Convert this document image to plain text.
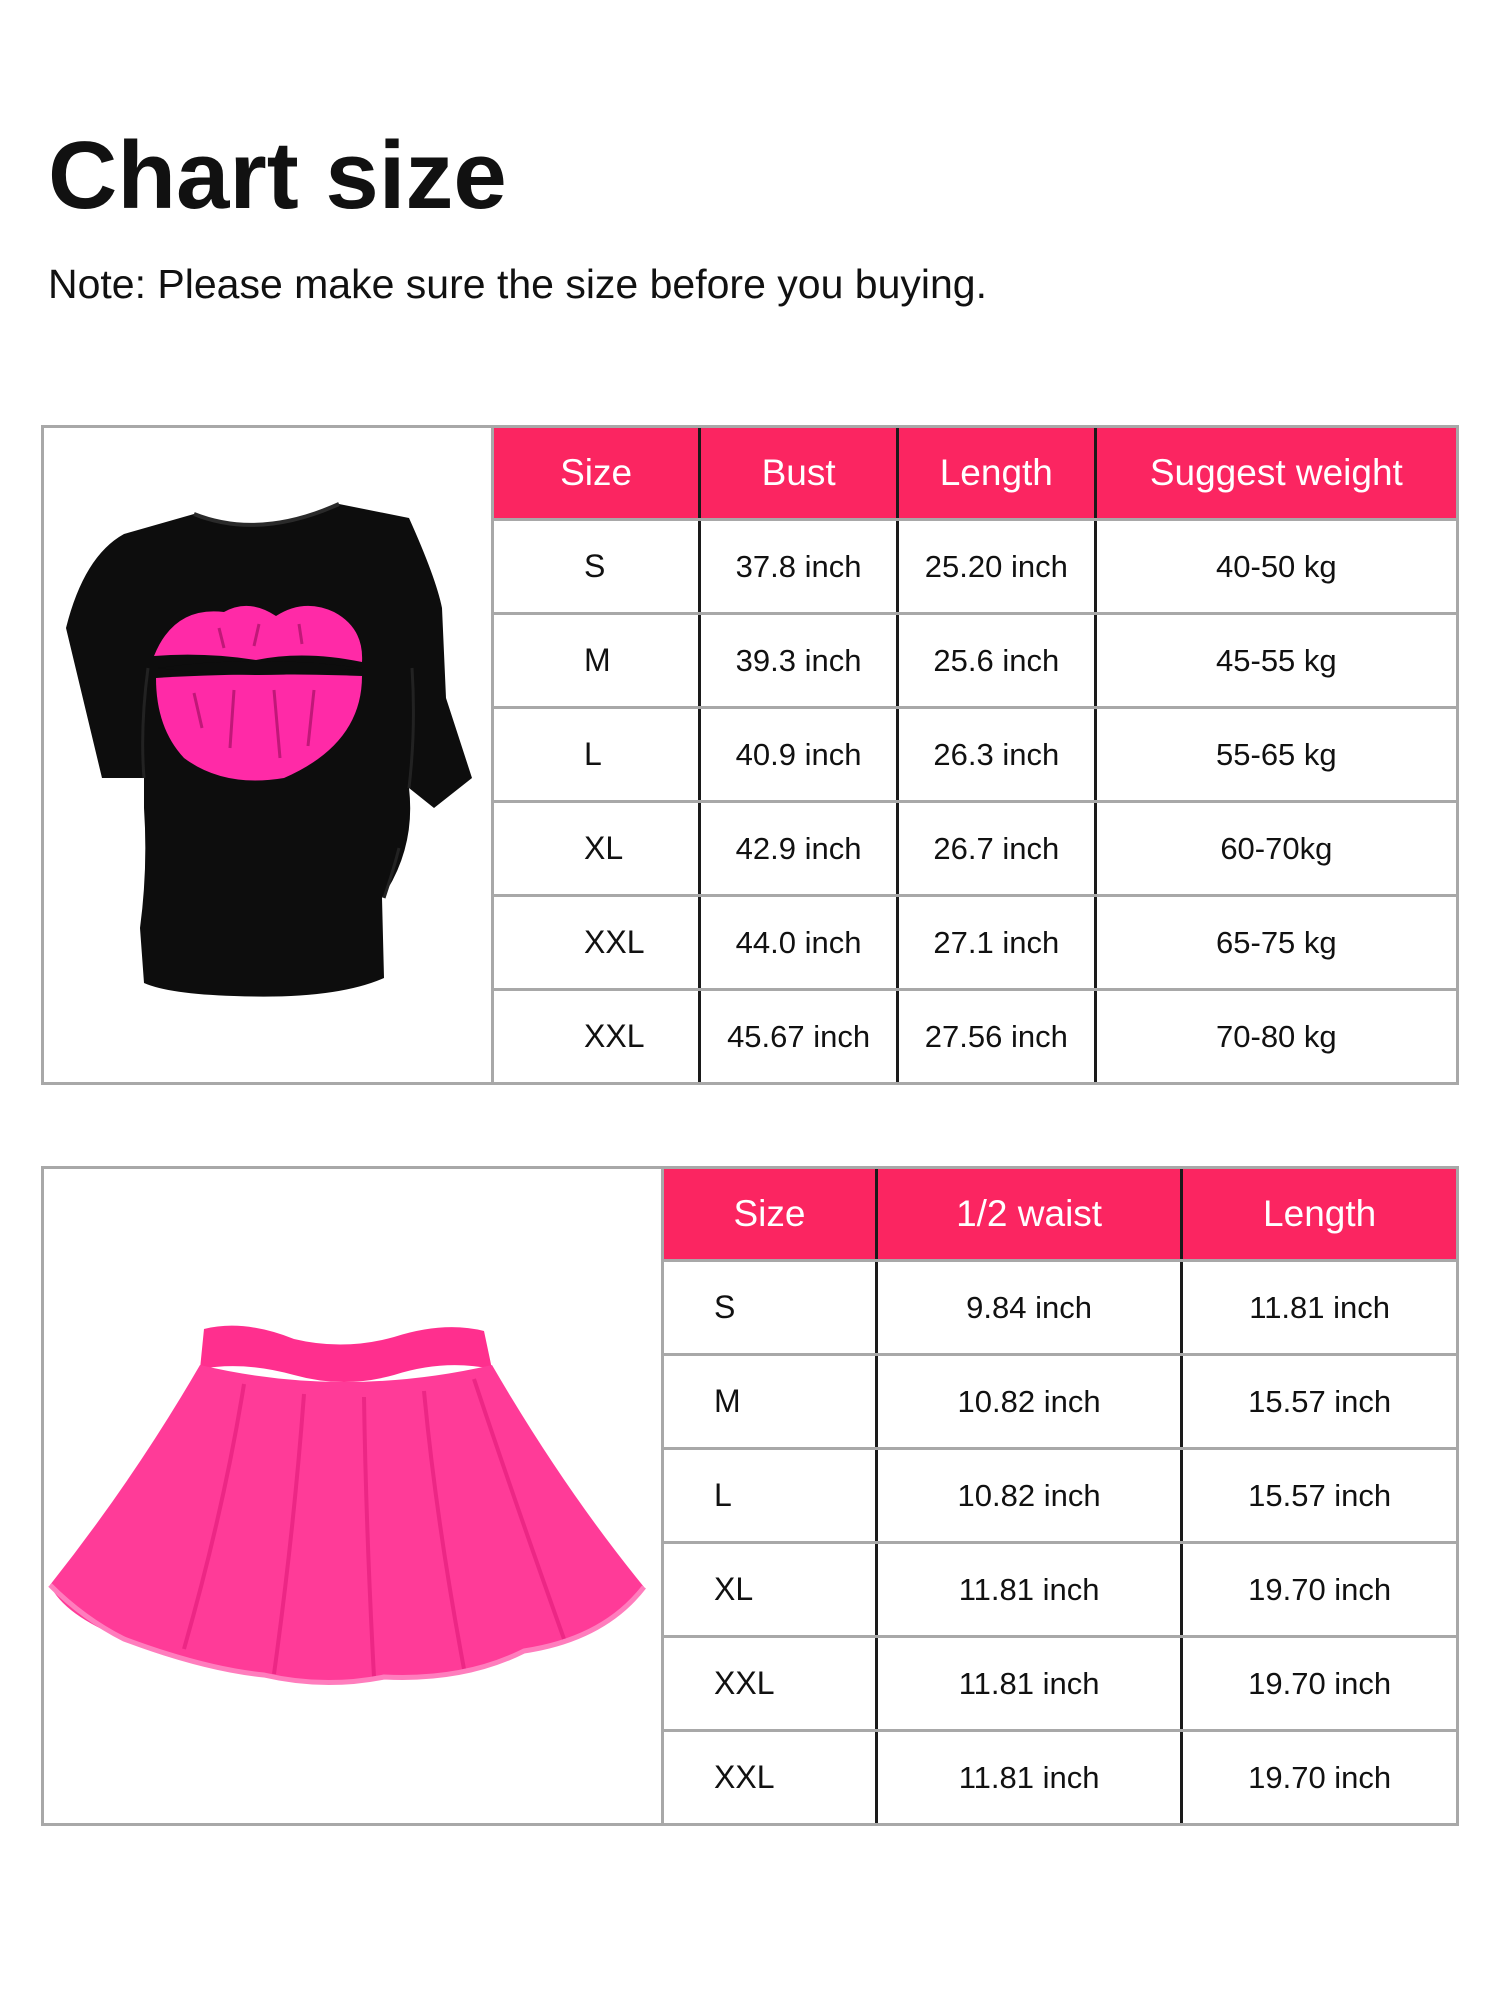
Chart size
Note: Please make sure the size before you buying.
Size	Bust	Length	Suggest weight
S	37.8 inch	25.20 inch	40-50 kg
M	39.3 inch	25.6 inch	45-55 kg
L	40.9 inch	26.3 inch	55-65 kg
XL	42.9 inch	26.7 inch	60-70kg
XXL	44.0 inch	27.1 inch	65-75 kg
XXL	45.67 inch	27.56 inch	70-80 kg
Size	1/2 waist	Length
S	9.84 inch	11.81 inch
M	10.82 inch	15.57 inch
L	10.82 inch	15.57 inch
XL	11.81 inch	19.70 inch
XXL	11.81 inch	19.70 inch
XXL	11.81 inch	19.70 inch
